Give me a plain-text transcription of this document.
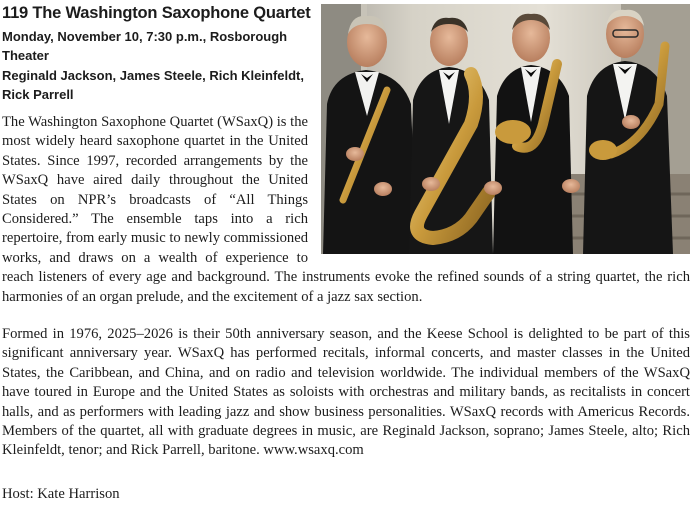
119 The Washington Saxophone Quartet
Monday, November 10, 7:30 p.m., Rosborough
Theater
Reginald Jackson, James Steele, Rich Kleinfeldt,
Rick Parrell

The Washington Saxophone Quartet (WSaxQ) is the most widely heard saxophone quartet in the United States. Since 1997, recorded arrangements by the WSaxQ have aired daily throughout the United States on NPR’s broadcasts of “All Things Considered.” The ensemble taps into a rich repertoire, from early music to newly commissioned works, and draws on a wealth of experience to reach listeners of every age and background. The instruments evoke the refined sounds of a string quartet, the rich harmonies of an organ prelude, and the excitement of a jazz sax section.

Formed in 1976, 2025–2026 is their 50th anniversary season, and the Keese School is delighted to be part of this significant anniversary year. WSaxQ has performed recitals, informal concerts, and master classes in the United States, the Caribbean, and China, and on radio and television worldwide. The individual members of the WSaxQ have toured in Europe and the United States as soloists with orchestras and military bands, as recitalists in concert halls, and as performers with leading jazz and show business personalities. WSaxQ records with Americus Records. Members of the quartet, all with graduate degrees in music, are Reginald Jackson, soprano; James Steele, alto; Rich Kleinfeldt, tenor; and Rick Parrell, baritone. www.wsaxq.com

Host: Kate Harrison
